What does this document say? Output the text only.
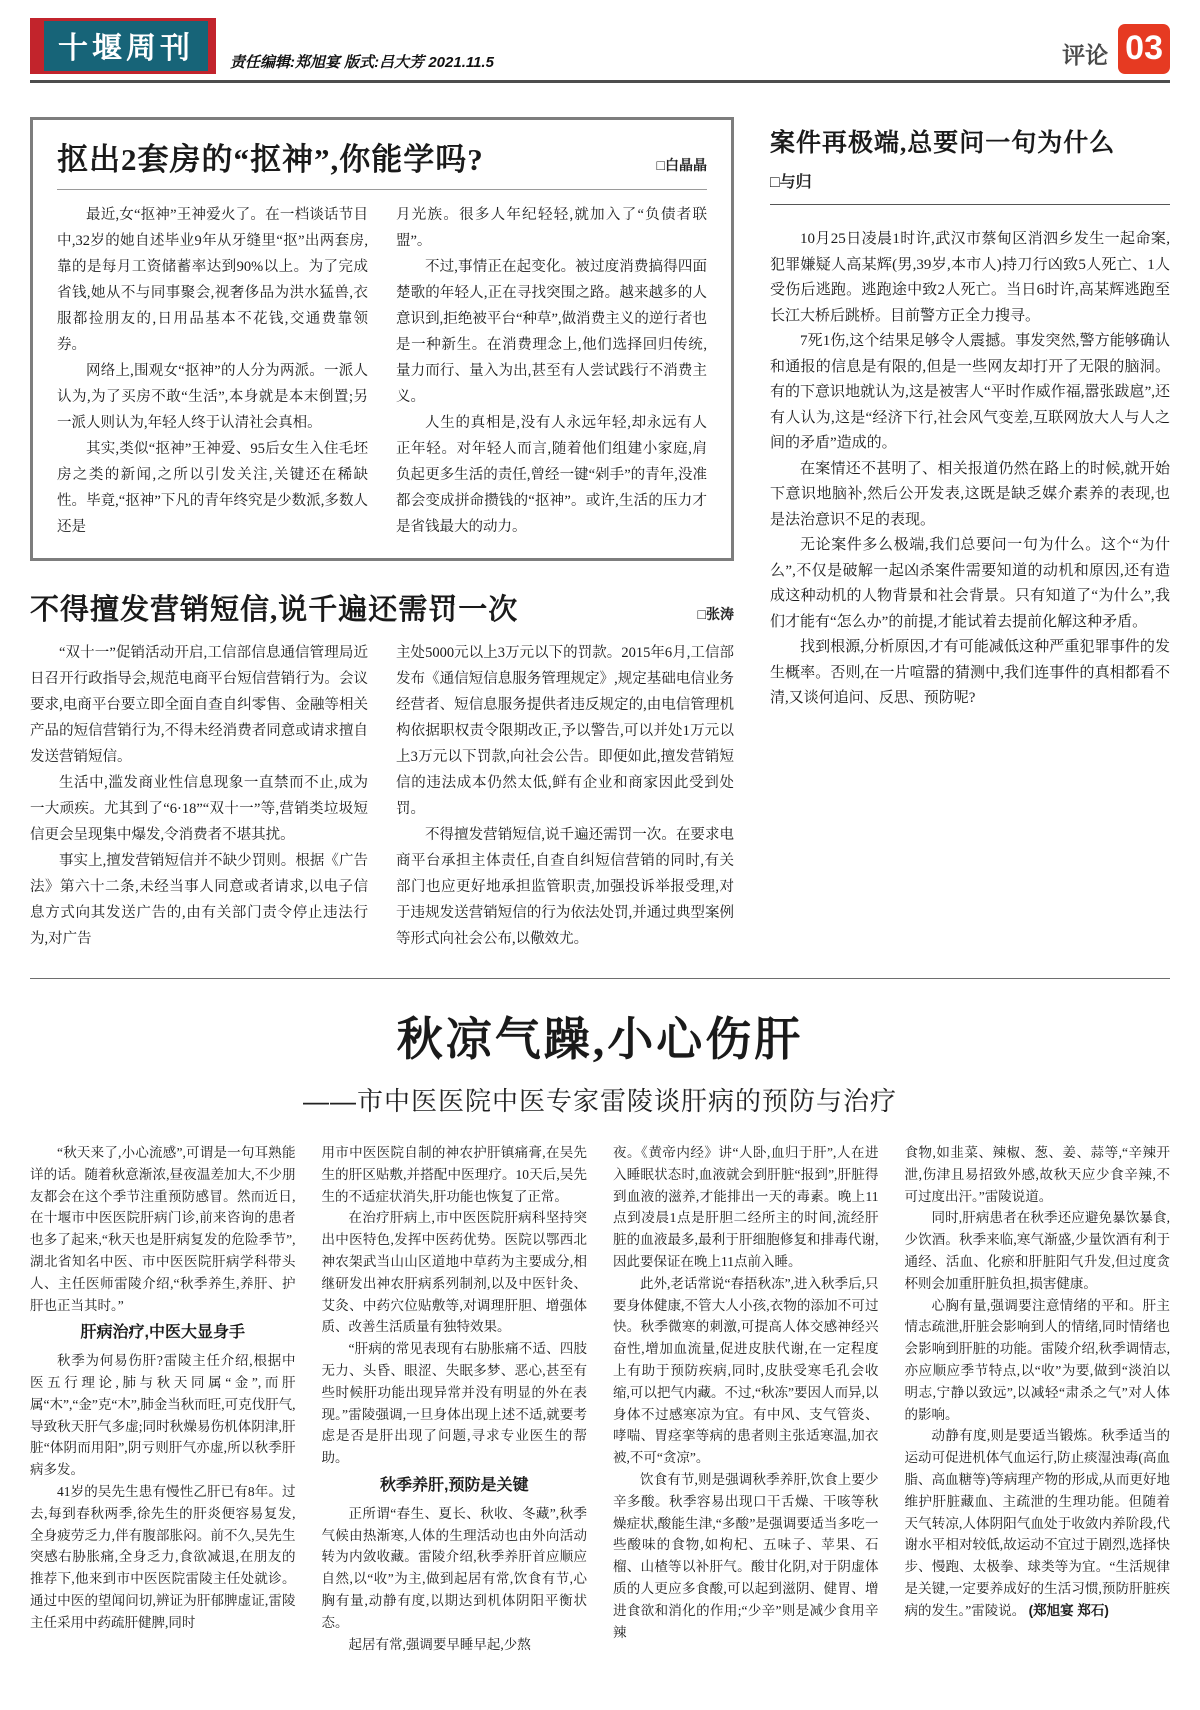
十堰周刊	责任编辑:郑旭宴 版式:吕大芳 2021.11.5	评论 03
抠出2套房的“抠神”,你能学吗?	□白晶晶

最近,女“抠神”王神爱火了。在一档谈话节目中,32岁的她自述毕业9年从牙缝里“抠”出两套房,靠的是每月工资储蓄率达到90%以上。为了完成省钱,她从不与同事聚会,视奢侈品为洪水猛兽,衣服都捡朋友的,日用品基本不花钱,交通费靠领券。

网络上,围观女“抠神”的人分为两派。一派人认为,为了买房不敢“生活”,本身就是本末倒置;另一派人则认为,年轻人终于认清社会真相。

其实,类似“抠神”王神爱、95后女生入住毛坯房之类的新闻,之所以引发关注,关键还在稀缺性。毕竟,“抠神”下凡的青年终究是少数派,多数人还是

月光族。很多人年纪轻轻,就加入了“负债者联盟”。

不过,事情正在起变化。被过度消费搞得四面楚歌的年轻人,正在寻找突围之路。越来越多的人意识到,拒绝被平台“种草”,做消费主义的逆行者也是一种新生。在消费理念上,他们选择回归传统,量力而行、量入为出,甚至有人尝试践行不消费主义。

人生的真相是,没有人永远年轻,却永远有人正年轻。对年轻人而言,随着他们组建小家庭,肩负起更多生活的责任,曾经一键“剁手”的青年,没准都会变成拼命攒钱的“抠神”。或许,生活的压力才是省钱最大的动力。

不得擅发营销短信,说千遍还需罚一次	□张涛

“双十一”促销活动开启,工信部信息通信管理局近日召开行政指导会,规范电商平台短信营销行为。会议要求,电商平台要立即全面自查自纠零售、金融等相关产品的短信营销行为,不得未经消费者同意或请求擅自发送营销短信。

生活中,滥发商业性信息现象一直禁而不止,成为一大顽疾。尤其到了“6·18”“双十一”等,营销类垃圾短信更会呈现集中爆发,令消费者不堪其扰。

事实上,擅发营销短信并不缺少罚则。根据《广告法》第六十二条,未经当事人同意或者请求,以电子信息方式向其发送广告的,由有关部门责令停止违法行为,对广告

主处5000元以上3万元以下的罚款。2015年6月,工信部发布《通信短信息服务管理规定》,规定基础电信业务经营者、短信息服务提供者违反规定的,由电信管理机构依据职权责令限期改正,予以警告,可以并处1万元以上3万元以下罚款,向社会公告。即便如此,擅发营销短信的违法成本仍然太低,鲜有企业和商家因此受到处罚。

不得擅发营销短信,说千遍还需罚一次。在要求电商平台承担主体责任,自查自纠短信营销的同时,有关部门也应更好地承担监管职责,加强投诉举报受理,对于违规发送营销短信的行为依法处罚,并通过典型案例等形式向社会公布,以儆效尤。

案件再极端,总要问一句为什么
□与归

10月25日凌晨1时许,武汉市蔡甸区消泗乡发生一起命案,犯罪嫌疑人高某辉(男,39岁,本市人)持刀行凶致5人死亡、1人受伤后逃跑。逃跑途中致2人死亡。当日6时许,高某辉逃跑至长江大桥后跳桥。目前警方正全力搜寻。

7死1伤,这个结果足够令人震撼。事发突然,警方能够确认和通报的信息是有限的,但是一些网友却打开了无限的脑洞。有的下意识地就认为,这是被害人“平时作威作福,嚣张跋扈”,还有人认为,这是“经济下行,社会风气变差,互联网放大人与人之间的矛盾”造成的。

在案情还不甚明了、相关报道仍然在路上的时候,就开始下意识地脑补,然后公开发表,这既是缺乏媒介素养的表现,也是法治意识不足的表现。

无论案件多么极端,我们总要问一句为什么。这个“为什么”,不仅是破解一起凶杀案件需要知道的动机和原因,还有造成这种动机的人物背景和社会背景。只有知道了“为什么”,我们才能有“怎么办”的前提,才能试着去提前化解这种矛盾。

找到根源,分析原因,才有可能减低这种严重犯罪事件的发生概率。否则,在一片喧嚣的猜测中,我们连事件的真相都看不清,又谈何追问、反思、预防呢?

秋凉气躁,小心伤肝
——市中医医院中医专家雷陵谈肝病的预防与治疗

“秋天来了,小心流感”,可谓是一句耳熟能详的话。随着秋意渐浓,昼夜温差加大,不少朋友都会在这个季节注重预防感冒。然而近日,在十堰市中医医院肝病门诊,前来咨询的患者也多了起来,“秋天也是肝病复发的危险季节”,湖北省知名中医、市中医医院肝病学科带头人、主任医师雷陵介绍,“秋季养生,养肝、护肝也正当其时。”

肝病治疗,中医大显身手

秋季为何易伤肝?雷陵主任介绍,根据中医五行理论,肺与秋天同属“金”,而肝属“木”,“金”克“木”,肺金当秋而旺,可克伐肝气,导致秋天肝气多虚;同时秋燥易伤机体阴津,肝脏“体阴而用阳”,阴亏则肝气亦虚,所以秋季肝病多发。

41岁的吴先生患有慢性乙肝已有8年。过去,每到春秋两季,徐先生的肝炎便容易复发,全身疲劳乏力,伴有腹部胀闷。前不久,吴先生突感右胁胀痛,全身乏力,食欲减退,在朋友的推荐下,他来到市中医医院雷陵主任处就诊。通过中医的望闻问切,辨证为肝郁脾虚证,雷陵主任采用中药疏肝健脾,同时

用市中医医院自制的神农护肝镇痛膏,在吴先生的肝区贴敷,并搭配中医理疗。10天后,吴先生的不适症状消失,肝功能也恢复了正常。

在治疗肝病上,市中医医院肝病科坚持突出中医特色,发挥中医药优势。医院以鄂西北神农架武当山山区道地中草药为主要成分,相继研发出神农肝病系列制剂,以及中医针灸、艾灸、中药穴位贴敷等,对调理肝胆、增强体质、改善生活质量有独特效果。

“肝病的常见表现有右胁胀痛不适、四肢无力、头昏、眼涩、失眠多梦、恶心,甚至有些时候肝功能出现异常并没有明显的外在表现。”雷陵强调,一旦身体出现上述不适,就要考虑是否是肝出现了问题,寻求专业医生的帮助。

秋季养肝,预防是关键

正所谓“春生、夏长、秋收、冬藏”,秋季气候由热渐寒,人体的生理活动也由外向活动转为内敛收藏。雷陵介绍,秋季养肝首应顺应自然,以“收”为主,做到起居有常,饮食有节,心胸有量,动静有度,以期达到机体阴阳平衡状态。

起居有常,强调要早睡早起,少熬

夜。《黄帝内经》讲“人卧,血归于肝”,人在进入睡眠状态时,血液就会到肝脏“报到”,肝脏得到血液的滋养,才能排出一天的毒素。晚上11点到凌晨1点是肝胆二经所主的时间,流经肝脏的血液最多,最利于肝细胞修复和排毒代谢,因此要保证在晚上11点前入睡。

此外,老话常说“春捂秋冻”,进入秋季后,只要身体健康,不管大人小孩,衣物的添加不可过快。秋季微寒的刺激,可提高人体交感神经兴奋性,增加血流量,促进皮肤代谢,在一定程度上有助于预防疾病,同时,皮肤受寒毛孔会收缩,可以把气内藏。不过,“秋冻”要因人而异,以身体不过感寒凉为宜。有中风、支气管炎、哮喘、胃痉挛等病的患者则主张适寒温,加衣被,不可“贪凉”。

饮食有节,则是强调秋季养肝,饮食上要少辛多酸。秋季容易出现口干舌燥、干咳等秋燥症状,酸能生津,“多酸”是强调要适当多吃一些酸味的食物,如枸杞、五味子、苹果、石榴、山楂等以补肝气。酸甘化阴,对于阴虚体质的人更应多食酸,可以起到滋阴、健胃、增进食欲和消化的作用;“少辛”则是减少食用辛辣

食物,如韭菜、辣椒、葱、姜、蒜等,“辛辣开泄,伤津且易招致外感,故秋天应少食辛辣,不可过度出汗。”雷陵说道。

同时,肝病患者在秋季还应避免暴饮暴食,少饮酒。秋季来临,寒气渐盛,少量饮酒有利于通经、活血、化瘀和肝脏阳气升发,但过度贪杯则会加重肝脏负担,损害健康。

心胸有量,强调要注意情绪的平和。肝主情志疏泄,肝脏会影响到人的情绪,同时情绪也会影响到肝脏的功能。雷陵介绍,秋季调情志,亦应顺应季节特点,以“收”为要,做到“淡泊以明志,宁静以致远”,以减轻“肃杀之气”对人体的影响。

动静有度,则是要适当锻炼。秋季适当的运动可促进机体气血运行,防止痰湿浊毒(高血脂、高血糖等)等病理产物的形成,从而更好地维护肝脏藏血、主疏泄的生理功能。但随着天气转凉,人体阴阳气血处于收敛内养阶段,代谢水平相对较低,故运动不宜过于剧烈,选择快步、慢跑、太极拳、球类等为宜。“生活规律是关键,一定要养成好的生活习惯,预防肝脏疾病的发生。”雷陵说。 (郑旭宴 郑石)
